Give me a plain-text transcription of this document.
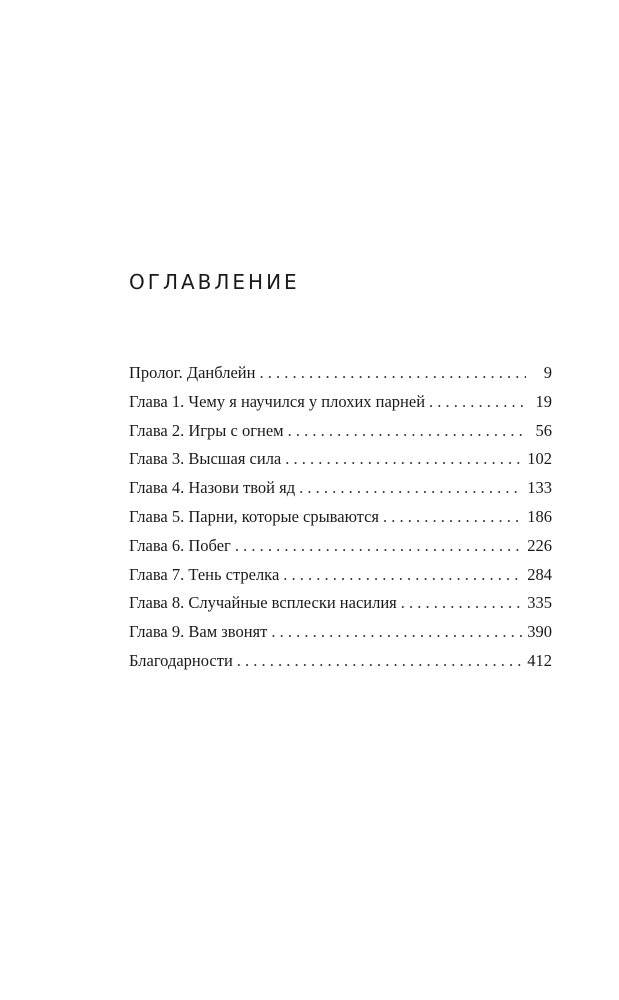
ОГЛАВЛЕНИЕ
Пролог. Данблейн . . .	9
Глава 1. Чему я научился у плохих парней . . .	19
Глава 2. Игры с огнем . . .	56
Глава 3. Высшая сила . . .	102
Глава 4. Назови твой яд . . .	133
Глава 5. Парни, которые срываются . . .	186
Глава 6. Побег . . .	226
Глава 7. Тень стрелка . . .	284
Глава 8. Случайные всплески насилия . . .	335
Глава 9. Вам звонят . . .	390
Благодарности . . .	412
